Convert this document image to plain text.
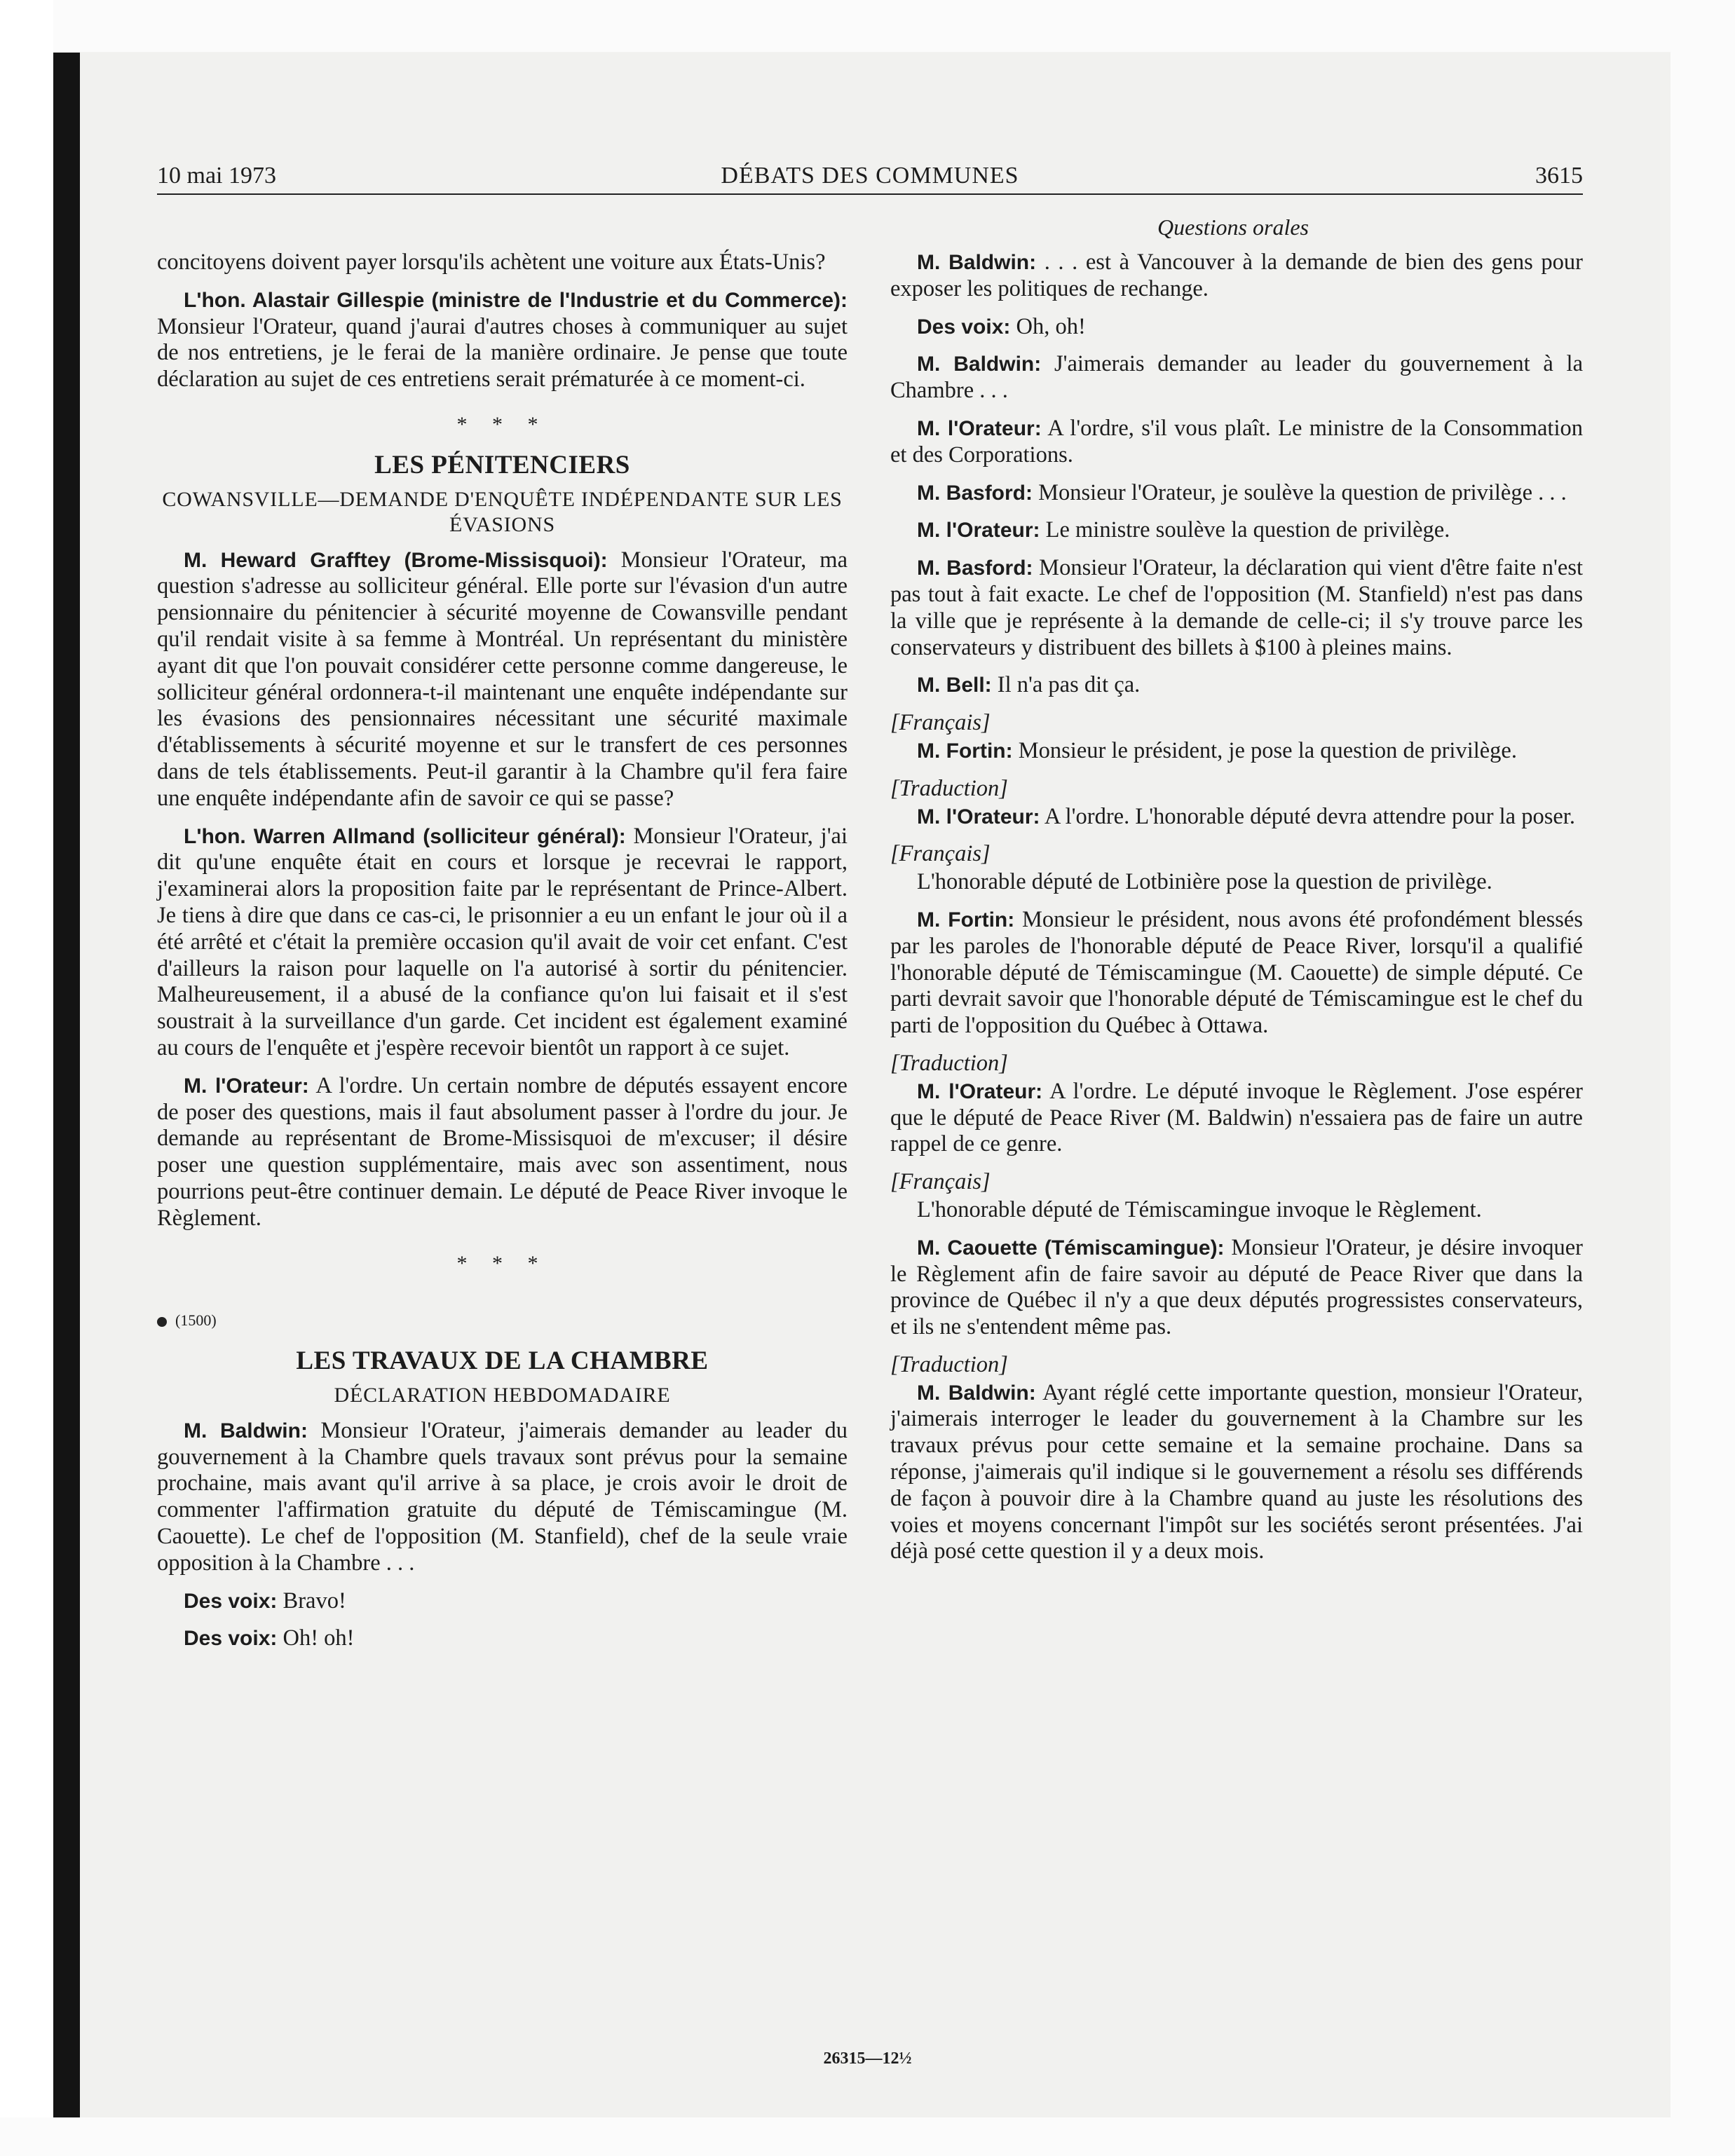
10 mai 1973	DÉBATS DES COMMUNES	3615
Questions orales

concitoyens doivent payer lorsqu'ils achètent une voiture aux États-Unis?

L'hon. Alastair Gillespie (ministre de l'Industrie et du Commerce): Monsieur l'Orateur, quand j'aurai d'autres choses à communiquer au sujet de nos entretiens, je le ferai de la manière ordinaire. Je pense que toute déclaration au sujet de ces entretiens serait prématurée à ce moment-ci.

* * *
LES PÉNITENCIERS
COWANSVILLE—DEMANDE D'ENQUÊTE INDÉPENDANTE SUR LES ÉVASIONS

M. Heward Grafftey (Brome-Missisquoi): Monsieur l'Orateur, ma question s'adresse au solliciteur général. Elle porte sur l'évasion d'un autre pensionnaire du pénitencier à sécurité moyenne de Cowansville pendant qu'il rendait visite à sa femme à Montréal. Un représentant du ministère ayant dit que l'on pouvait considérer cette personne comme dangereuse, le solliciteur général ordonnera-t-il maintenant une enquête indépendante sur les évasions des pensionnaires nécessitant une sécurité maximale d'établissements à sécurité moyenne et sur le transfert de ces personnes dans de tels établissements. Peut-il garantir à la Chambre qu'il fera faire une enquête indépendante afin de savoir ce qui se passe?

L'hon. Warren Allmand (solliciteur général): Monsieur l'Orateur, j'ai dit qu'une enquête était en cours et lorsque je recevrai le rapport, j'examinerai alors la proposition faite par le représentant de Prince-Albert. Je tiens à dire que dans ce cas-ci, le prisonnier a eu un enfant le jour où il a été arrêté et c'était la première occasion qu'il avait de voir cet enfant. C'est d'ailleurs la raison pour laquelle on l'a autorisé à sortir du pénitencier. Malheureusement, il a abusé de la confiance qu'on lui faisait et il s'est soustrait à la surveillance d'un garde. Cet incident est également examiné au cours de l'enquête et j'espère recevoir bientôt un rapport à ce sujet.

M. l'Orateur: A l'ordre. Un certain nombre de députés essayent encore de poser des questions, mais il faut absolument passer à l'ordre du jour. Je demande au représentant de Brome-Missisquoi de m'excuser; il désire poser une question supplémentaire, mais avec son assentiment, nous pourrions peut-être continuer demain. Le député de Peace River invoque le Règlement.

* * *
(1500)
LES TRAVAUX DE LA CHAMBRE
DÉCLARATION HEBDOMADAIRE

M. Baldwin: Monsieur l'Orateur, j'aimerais demander au leader du gouvernement à la Chambre quels travaux sont prévus pour la semaine prochaine, mais avant qu'il arrive à sa place, je crois avoir le droit de commenter l'affirmation gratuite du député de Témiscamingue (M. Caouette). Le chef de l'opposition (M. Stanfield), chef de la seule vraie opposition à la Chambre . . .

Des voix: Bravo!

Des voix: Oh! oh!

M. Baldwin: . . . est à Vancouver à la demande de bien des gens pour exposer les politiques de rechange.

Des voix: Oh, oh!

M. Baldwin: J'aimerais demander au leader du gouvernement à la Chambre . . .

M. l'Orateur: A l'ordre, s'il vous plaît. Le ministre de la Consommation et des Corporations.

M. Basford: Monsieur l'Orateur, je soulève la question de privilège . . .

M. l'Orateur: Le ministre soulève la question de privilège.

M. Basford: Monsieur l'Orateur, la déclaration qui vient d'être faite n'est pas tout à fait exacte. Le chef de l'opposition (M. Stanfield) n'est pas dans la ville que je représente à la demande de celle-ci; il s'y trouve parce les conservateurs y distribuent des billets à $100 à pleines mains.

M. Bell: Il n'a pas dit ça.

[Français]

M. Fortin: Monsieur le président, je pose la question de privilège.

[Traduction]

M. l'Orateur: A l'ordre. L'honorable député devra attendre pour la poser.

[Français]

L'honorable député de Lotbinière pose la question de privilège.

M. Fortin: Monsieur le président, nous avons été profondément blessés par les paroles de l'honorable député de Peace River, lorsqu'il a qualifié l'honorable député de Témiscamingue (M. Caouette) de simple député. Ce parti devrait savoir que l'honorable député de Témiscamingue est le chef du parti de l'opposition du Québec à Ottawa.

[Traduction]

M. l'Orateur: A l'ordre. Le député invoque le Règlement. J'ose espérer que le député de Peace River (M. Baldwin) n'essaiera pas de faire un autre rappel de ce genre.

[Français]

L'honorable député de Témiscamingue invoque le Règlement.

M. Caouette (Témiscamingue): Monsieur l'Orateur, je désire invoquer le Règlement afin de faire savoir au député de Peace River que dans la province de Québec il n'y a que deux députés progressistes conservateurs, et ils ne s'entendent même pas.

[Traduction]

M. Baldwin: Ayant réglé cette importante question, monsieur l'Orateur, j'aimerais interroger le leader du gouvernement à la Chambre sur les travaux prévus pour cette semaine et la semaine prochaine. Dans sa réponse, j'aimerais qu'il indique si le gouvernement a résolu ses différends de façon à pouvoir dire à la Chambre quand au juste les résolutions des voies et moyens concernant l'impôt sur les sociétés seront présentées. J'ai déjà posé cette question il y a deux mois.

26315—12½
